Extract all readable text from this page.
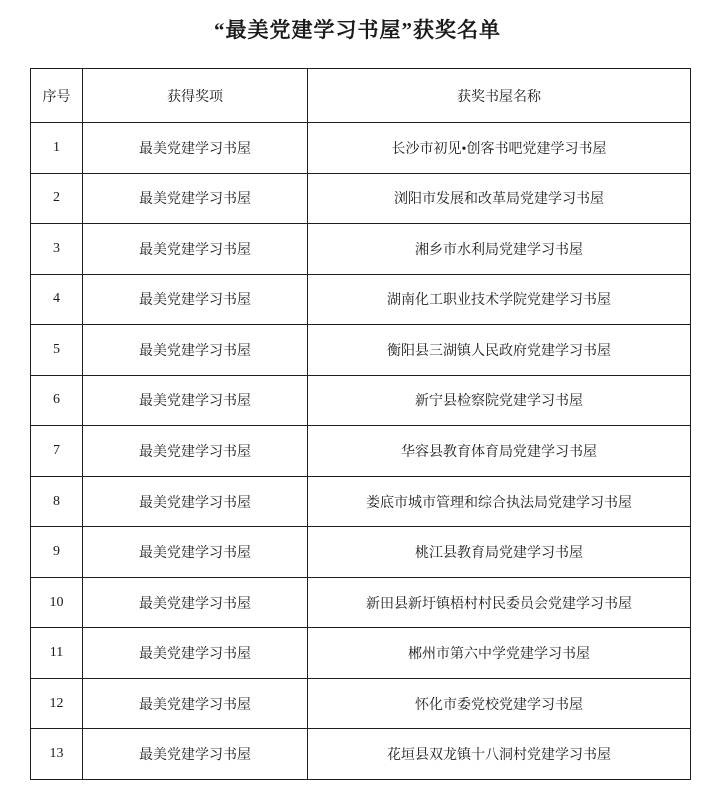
“最美党建学习书屋”获奖名单
序号	获得奖项	获奖书屋名称
1	最美党建学习书屋	长沙市初见•创客书吧党建学习书屋
2	最美党建学习书屋	浏阳市发展和改革局党建学习书屋
3	最美党建学习书屋	湘乡市水利局党建学习书屋
4	最美党建学习书屋	湖南化工职业技术学院党建学习书屋
5	最美党建学习书屋	衡阳县三湖镇人民政府党建学习书屋
6	最美党建学习书屋	新宁县检察院党建学习书屋
7	最美党建学习书屋	华容县教育体育局党建学习书屋
8	最美党建学习书屋	娄底市城市管理和综合执法局党建学习书屋
9	最美党建学习书屋	桃江县教育局党建学习书屋
10	最美党建学习书屋	新田县新圩镇梧村村民委员会党建学习书屋
11	最美党建学习书屋	郴州市第六中学党建学习书屋
12	最美党建学习书屋	怀化市委党校党建学习书屋
13	最美党建学习书屋	花垣县双龙镇十八洞村党建学习书屋
